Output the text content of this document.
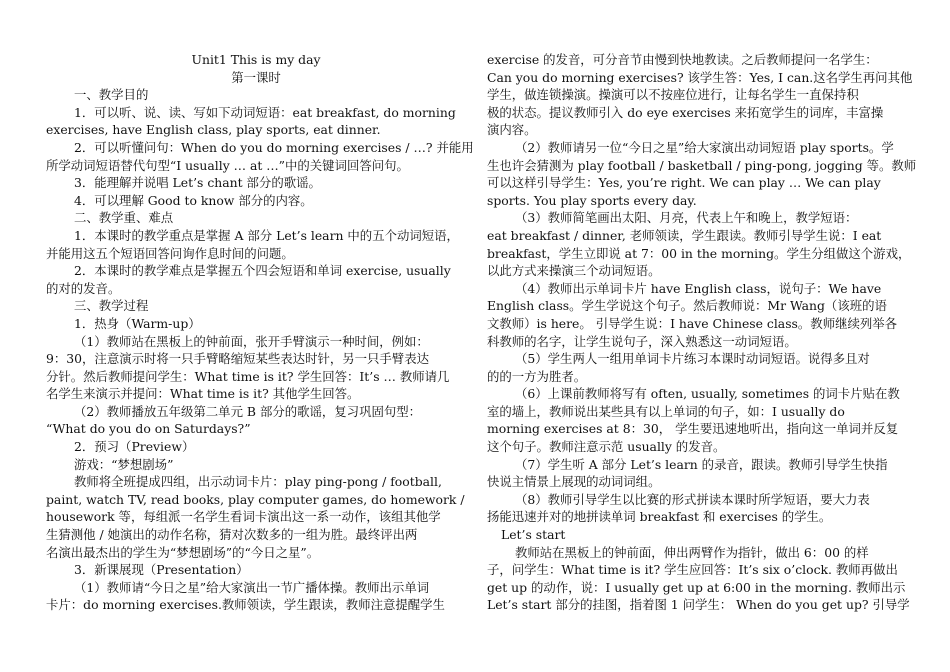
Unit1 This is my day
第一课时
一、教学目的
1．可以听、说、读、写如下动词短语：eat breakfast, do morning
exercises, have English class, play sports, eat dinner.
2．可以听懂问句：When do you do morning exercises / …? 并能用
所学动词短语替代句型“I usually … at …”中的关键词回答问句。
3．能理解并说唱 Let’s chant 部分的歌谣。
4．可以理解 Good to know 部分的内容。
二、教学重、难点
1．本课时的教学重点是掌握 A 部分 Let’s learn 中的五个动词短语，
并能用这五个短语回答问询作息时间的问题。
2．本课时的教学难点是掌握五个四会短语和单词 exercise, usually
的对的发音。
三、教学过程
1．热身（Warm-up）
（1）教师站在黑板上的钟前面，张开手臂演示一种时间，例如：
9：30，注意演示时将一只手臂略缩短某些表达时针，另一只手臂表达
分针。然后教师提问学生：What time is it? 学生回答：It’s … 教师请几
名学生来演示并提问：What time is it? 其他学生回答。
（2）教师播放五年级第二单元 B 部分的歌谣，复习巩固句型：
“What do you do on Saturdays?”
2．预习（Preview）
游戏：“梦想剧场”
教师将全班提成四组，出示动词卡片：play ping-pong / football,
paint, watch TV, read books, play computer games, do homework /
housework 等，每组派一名学生看词卡演出这一系一动作，该组其他学
生猜测他 / 她演出的动作名称，猜对次数多的一组为胜。最终评出两
名演出最杰出的学生为“梦想剧场”的“今日之星”。
3．新课展现（Presentation）
（1）教师请“今日之星”给大家演出一节广播体操。教师出示单词
卡片：do morning exercises.教师领读，学生跟读，教师注意提醒学生
exercise 的发音，可分音节由慢到快地教读。之后教师提问一名学生：
Can you do morning exercises? 该学生答：Yes, I can.这名学生再问其他
学生，做连锁操演。操演可以不按座位进行，让每名学生一直保持积
极的状态。提议教师引入 do eye exercises 来拓宽学生的词库，丰富操
演内容。
（2）教师请另一位“今日之星”给大家演出动词短语 play sports。学
生也许会猜测为 play football / basketball / ping-pong, jogging 等。教师
可以这样引导学生：Yes, you’re right. We can play … We can play
sports. You play sports every day.
（3）教师简笔画出太阳、月亮，代表上午和晚上，教学短语：
eat breakfast / dinner, 老师领读，学生跟读。教师引导学生说：I eat
breakfast，学生立即说 at 7：00 in the morning。学生分组做这个游戏，
以此方式来操演三个动词短语。
（4）教师出示单词卡片 have English class，说句子：We have
English class。学生学说这个句子。然后教师说：Mr Wang（该班的语
文教师）is here。 引导学生说：I have Chinese class。教师继续列举各
科教师的名字，让学生说句子，深入熟悉这一动词短语。
（5）学生两人一组用单词卡片练习本课时动词短语。说得多且对
的的一方为胜者。
（6）上课前教师将写有 often, usually, sometimes 的词卡片贴在教
室的墙上，教师说出某些具有以上单词的句子，如：I usually do
morning exercises at 8：30， 学生要迅速地听出，指向这一单词并反复
这个句子。教师注意示范 usually 的发音。
（7）学生听 A 部分 Let’s learn 的录音，跟读。教师引导学生快指
快说主情景上展现的动词词组。
（8）教师引导学生以比赛的形式拼读本课时所学短语，要大力表
扬能迅速并对的地拼读单词 breakfast 和 exercises 的学生。
Let’s start
教师站在黑板上的钟前面，伸出两臂作为指针，做出 6：00 的样
子，问学生：What time is it? 学生应回答：It’s six o’clock. 教师再做出
get up 的动作，说：I usually get up at 6:00 in the morning. 教师出示
Let’s start 部分的挂图，指着图 1 问学生： When do you get up? 引导学
